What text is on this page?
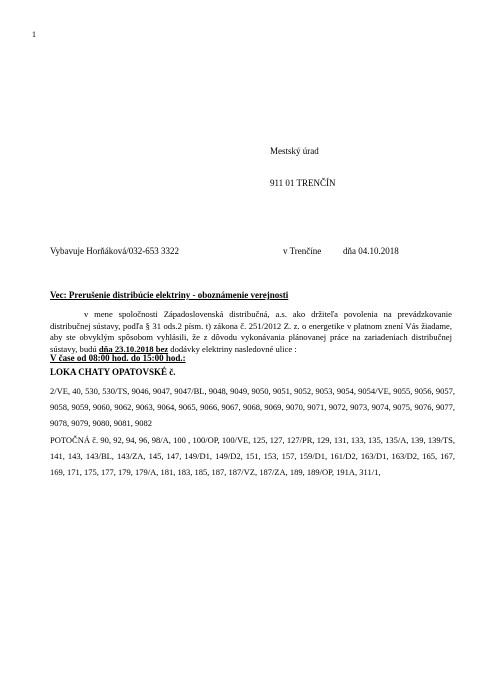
1
Mestský úrad
911 01 TRENČÍN
Vybavuje Horňáková/032-653 3322	v Trenčíne dňa 04.10.2018
Vec: Prerušenie distribúcie elektriny - oboznámenie verejnosti
v mene spoločnosti Západoslovenská distribučná, a.s. ako držiteľa povolenia na prevádzkovanie distribučnej sústavy, podľa § 31 ods.2 písm. t) zákona č. 251/2012 Z. z. o energetike v platnom znení Vás žiadame, aby ste obvyklým spôsobom vyhlásili, že z dôvodu vykonávania plánovanej práce na zariadeniach distribučnej sústavy, budú dňa 23.10.2018 bez dodávky elektriny nasledovné ulice :
V čase od 08:00 hod. do 15:00 hod.:
LOKA CHATY OPATOVSKÉ č.
2/VE, 40, 530, 530/TS, 9046, 9047, 9047/BL, 9048, 9049, 9050, 9051, 9052, 9053, 9054, 9054/VE, 9055, 9056, 9057, 9058, 9059, 9060, 9062, 9063, 9064, 9065, 9066, 9067, 9068, 9069, 9070, 9071, 9072, 9073, 9074, 9075, 9076, 9077, 9078, 9079, 9080, 9081, 9082
POTOČNÁ č. 90, 92, 94, 96, 98/A, 100 , 100/OP, 100/VE, 125, 127, 127/PR, 129, 131, 133, 135, 135/A, 139, 139/TS, 141, 143, 143/BL, 143/ZA, 145, 147, 149/D1, 149/D2, 151, 153, 157, 159/D1, 161/D2, 163/D1, 163/D2, 165, 167, 169, 171, 175, 177, 179, 179/A, 181, 183, 185, 187, 187/VZ, 187/ZA, 189, 189/OP, 191A, 311/1,
